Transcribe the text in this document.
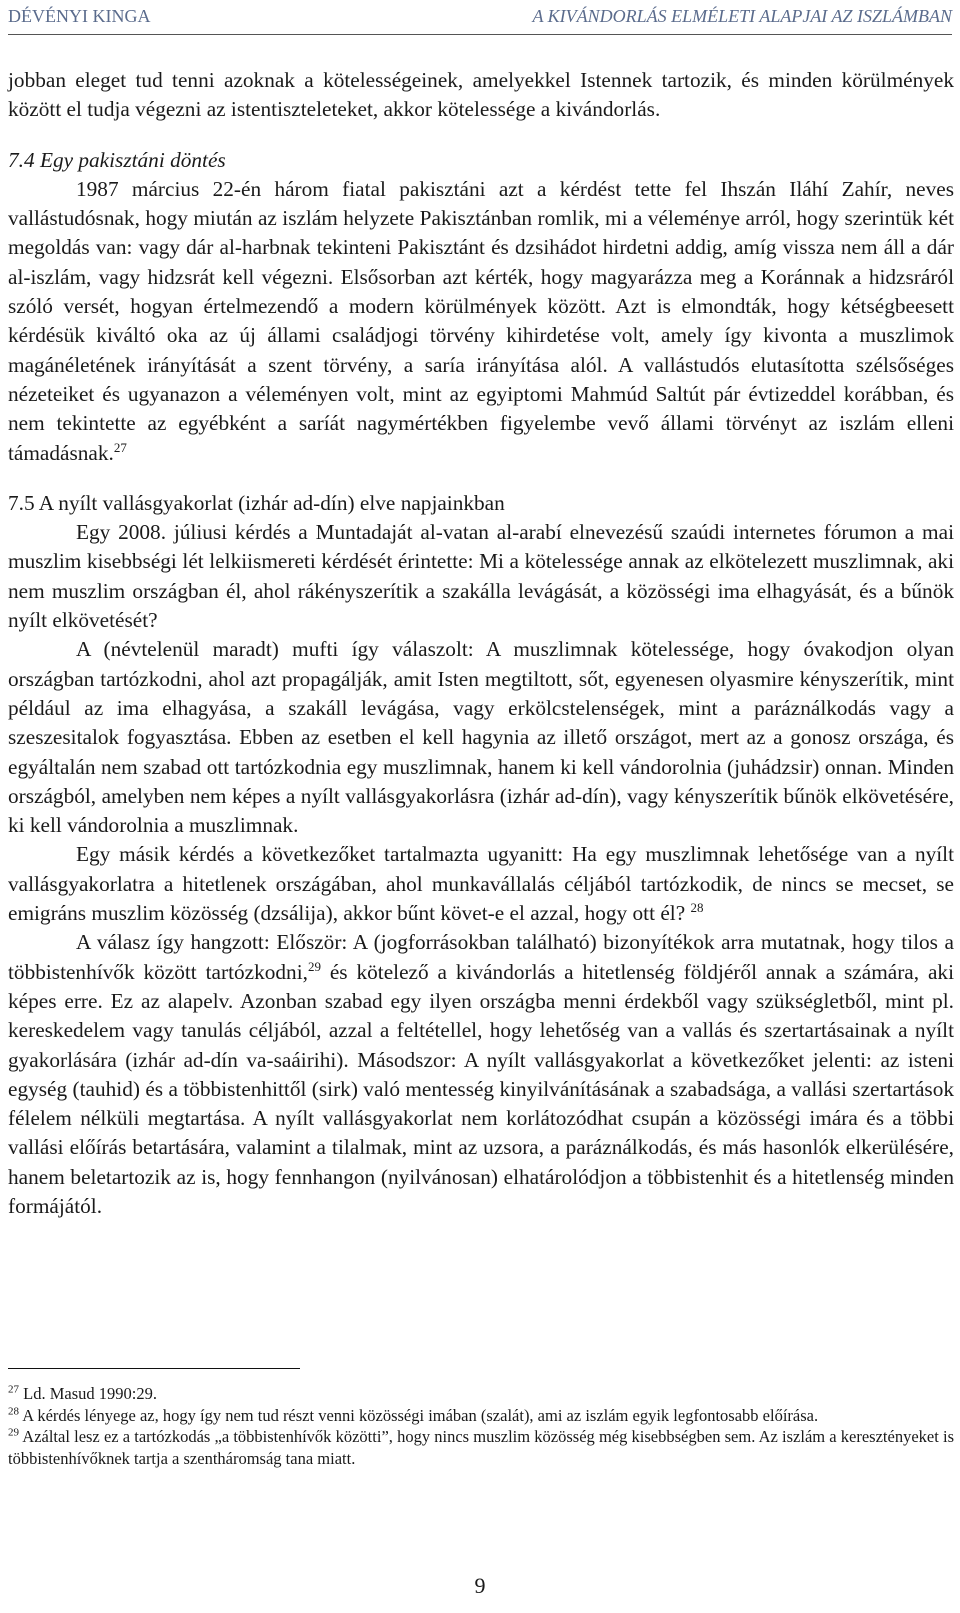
DÉVÉNYI KINGA	A KIVÁNDORLÁS ELMÉLETI ALAPJAI AZ ISZLÁMBAN

jobban eleget tud tenni azoknak a kötelességeinek, amelyekkel Istennek tartozik, és minden körülmények között el tudja végezni az istentiszteleteket, akkor kötelessége a kivándorlás.

7.4 Egy pakisztáni döntés

1987 március 22-én három fiatal pakisztáni azt a kérdést tette fel Ihszán Iláhí Zahír, neves vallástudósnak, hogy miután az iszlám helyzete Pakisztánban romlik, mi a véleménye arról, hogy szerintük két megoldás van: vagy dár al-harbnak tekinteni Pakisztánt és dzsihádot hirdetni addig, amíg vissza nem áll a dár al-iszlám, vagy hidzsrát kell végezni. Elsősorban azt kérték, hogy magyarázza meg a Koránnak a hidzsráról szóló versét, hogyan értelmezendő a modern körülmények között. Azt is elmondták, hogy kétségbeesett kérdésük kiváltó oka az új állami családjogi törvény kihirdetése volt, amely így kivonta a muszlimok magánéletének irányítását a szent törvény, a saría irányítása alól. A vallástudós elutasította szélsőséges nézeteiket és ugyanazon a véleményen volt, mint az egyiptomi Mahmúd Saltút pár évtizeddel korábban, és nem tekintette az egyébként a saríát nagymértékben figyelembe vevő állami törvényt az iszlám elleni támadásnak.$^{27}$

7.5 A nyílt vallásgyakorlat (izhár ad-dín) elve napjainkban

Egy 2008. júliusi kérdés a Muntadaját al-vatan al-arabí elnevezésű szaúdi internetes fórumon a mai muszlim kisebbségi lét lelkiismereti kérdését érintette: Mi a kötelessége annak az elkötelezett muszlimnak, aki nem muszlim országban él, ahol rákényszerítik a szakálla levágását, a közösségi ima elhagyását, és a bűnök nyílt elkövetését?

A (névtelenül maradt) mufti így válaszolt: A muszlimnak kötelessége, hogy óvakodjon olyan országban tartózkodni, ahol azt propagálják, amit Isten megtiltott, sőt, egyenesen olyasmire kényszerítik, mint például az ima elhagyása, a szakáll levágása, vagy erkölcstelenségek, mint a paráználkodás vagy a szeszesitalok fogyasztása. Ebben az esetben el kell hagynia az illető országot, mert az a gonosz országa, és egyáltalán nem szabad ott tartózkodnia egy muszlimnak, hanem ki kell vándorolnia (juhádzsir) onnan. Minden országból, amelyben nem képes a nyílt vallásgyakorlásra (izhár ad-dín), vagy kényszerítik bűnök elkövetésére, ki kell vándorolnia a muszlimnak.

Egy másik kérdés a következőket tartalmazta ugyanitt: Ha egy muszlimnak lehetősége van a nyílt vallásgyakorlatra a hitetlenek országában, ahol munkavállalás céljából tartózkodik, de nincs se mecset, se emigráns muszlim közösség (dzsálija), akkor bűnt követ-e el azzal, hogy ott él? $^{28}$

A válasz így hangzott: Először: A (jogforrásokban található) bizonyítékok arra mutatnak, hogy tilos a többistenhívők között tartózkodni,$^{29}$ és kötelező a kivándorlás a hitetlenség földjéről annak a számára, aki képes erre. Ez az alapelv. Azonban szabad egy ilyen országba menni érdekből vagy szükségletből, mint pl. kereskedelem vagy tanulás céljából, azzal a feltétellel, hogy lehetőség van a vallás és szertartásainak a nyílt gyakorlására (izhár ad-dín va-saáirihi). Másodszor: A nyílt vallásgyakorlat a következőket jelenti: az isteni egység (tauhid) és a többistenhittől (sirk) való mentesség kinyilvánításának a szabadsága, a vallási szertartások félelem nélküli megtartása. A nyílt vallásgyakorlat nem korlátozódhat csupán a közösségi imára és a többi vallási előírás betartására, valamint a tilalmak, mint az uzsora, a paráználkodás, és más hasonlók elkerülésére, hanem beletartozik az is, hogy fennhangon (nyilvánosan) elhatárolódjon a többistenhit és a hitetlenség minden formájától.

$^{27}$ Ld. Masud 1990:29.

$^{28}$ A kérdés lényege az, hogy így nem tud részt venni közösségi imában (szalát), ami az iszlám egyik legfontosabb előírása.

$^{29}$ Azáltal lesz ez a tartózkodás „a többistenhívők közötti”, hogy nincs muszlim közösség még kisebbségben sem. Az iszlám a keresztényeket is többistenhívőknek tartja a szentháromság tana miatt.

9
